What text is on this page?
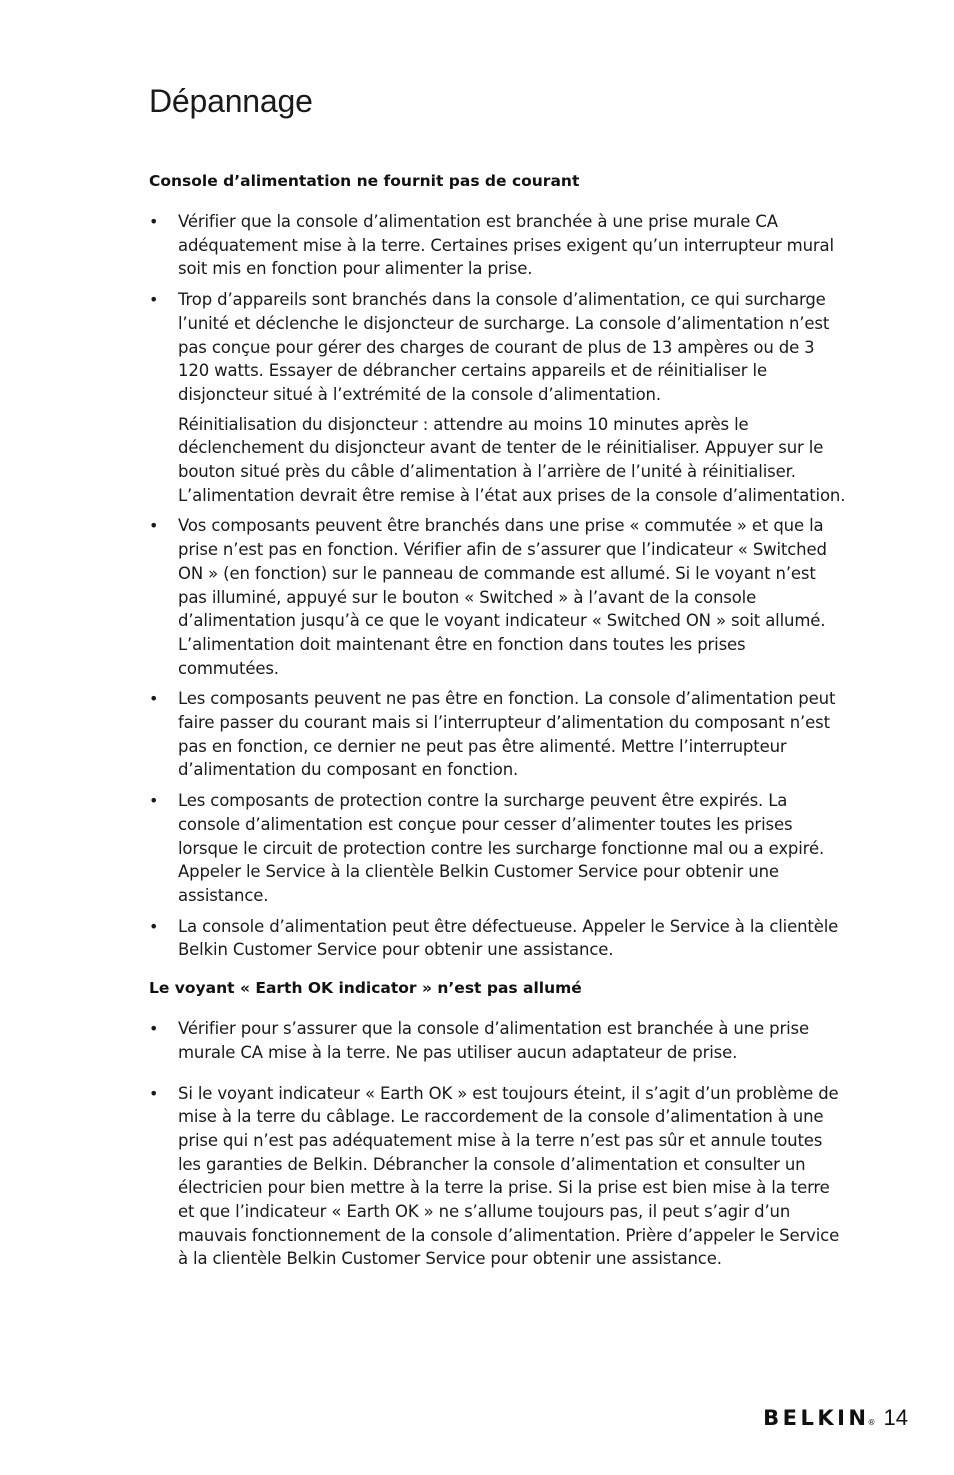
Dépannage

Console d’alimentation ne fournit pas de courant

• Vérifier que la console d’alimentation est branchée à une prise murale CA adéquatement mise à la terre. Certaines prises exigent qu’un interrupteur mural soit mis en fonction pour alimenter la prise.
• Trop d’appareils sont branchés dans la console d’alimentation, ce qui surcharge l’unité et déclenche le disjoncteur de surcharge. La console d’alimentation n’est pas conçue pour gérer des charges de courant de plus de 13 ampères ou de 3 120 watts. Essayer de débrancher certains appareils et de réinitialiser le disjoncteur situé à l’extrémité de la console d’alimentation.
Réinitialisation du disjoncteur : attendre au moins 10 minutes après le déclenchement du disjoncteur avant de tenter de le réinitialiser. Appuyer sur le bouton situé près du câble d’alimentation à l’arrière de l’unité à réinitialiser. L’alimentation devrait être remise à l’état aux prises de la console d’alimentation.
• Vos composants peuvent être branchés dans une prise « commutée » et que la prise n’est pas en fonction. Vérifier afin de s’assurer que l’indicateur « Switched ON » (en fonction) sur le panneau de commande est allumé. Si le voyant n’est pas illuminé, appuyé sur le bouton « Switched » à l’avant de la console d’alimentation jusqu’à ce que le voyant indicateur « Switched ON » soit allumé. L’alimentation doit maintenant être en fonction dans toutes les prises commutées.
• Les composants peuvent ne pas être en fonction. La console d’alimentation peut faire passer du courant mais si l’interrupteur d’alimentation du composant n’est pas en fonction, ce dernier ne peut pas être alimenté. Mettre l’interrupteur d’alimentation du composant en fonction.
• Les composants de protection contre la surcharge peuvent être expirés. La console d’alimentation est conçue pour cesser d’alimenter toutes les prises lorsque le circuit de protection contre les surcharge fonctionne mal ou a expiré. Appeler le Service à la clientèle Belkin Customer Service pour obtenir une assistance.
• La console d’alimentation peut être défectueuse. Appeler le Service à la clientèle Belkin Customer Service pour obtenir une assistance.

Le voyant « Earth OK indicator » n’est pas allumé

• Vérifier pour s’assurer que la console d’alimentation est branchée à une prise murale CA mise à la terre. Ne pas utiliser aucun adaptateur de prise.
• Si le voyant indicateur « Earth OK » est toujours éteint, il s’agit d’un problème de mise à la terre du câblage. Le raccordement de la console d’alimentation à une prise qui n’est pas adéquatement mise à la terre n’est pas sûr et annule toutes les garanties de Belkin. Débrancher la console d’alimentation et consulter un électricien pour bien mettre à la terre la prise. Si la prise est bien mise à la terre et que l’indicateur « Earth OK » ne s’allume toujours pas, il peut s’agir d’un mauvais fonctionnement de la console d’alimentation. Prière d’appeler le Service à la clientèle Belkin Customer Service pour obtenir une assistance.
BELKIN
® 14
